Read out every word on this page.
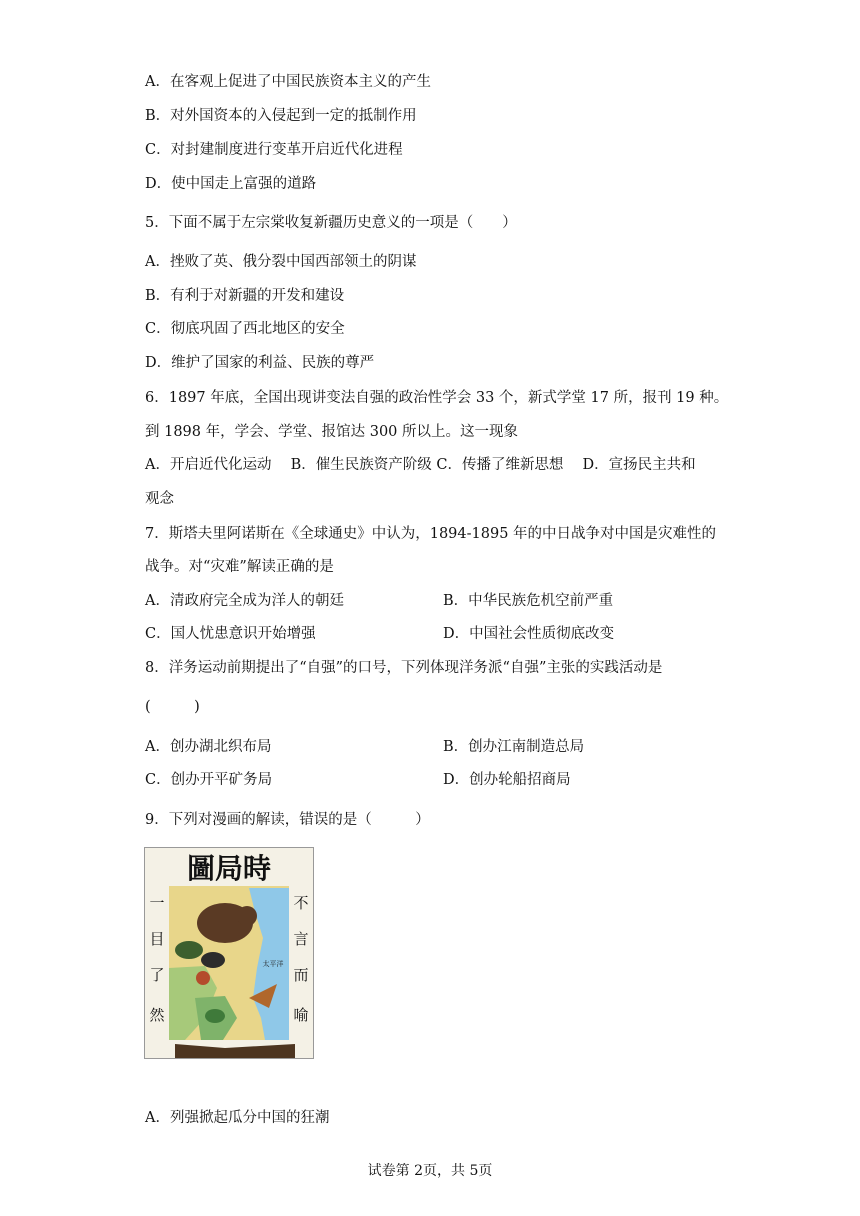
A．在客观上促进了中国民族资本主义的产生
B．对外国资本的入侵起到一定的抵制作用
C．对封建制度进行变革开启近代化进程
D．使中国走上富强的道路
5．下面不属于左宗棠收复新疆历史意义的一项是（　　）
A．挫败了英、俄分裂中国西部领土的阴谋
B．有利于对新疆的开发和建设
C．彻底巩固了西北地区的安全
D．维护了国家的利益、民族的尊严
6．1897 年底，全国出现讲变法自强的政治性学会 33 个，新式学堂 17 所，报刊 19 种。
到 1898 年，学会、学堂、报馆达 300 所以上。这一现象
A．开启近代化运动　 B．催生民族资产阶级 C．传播了维新思想　 D．宣扬民主共和
观念
7．斯塔夫里阿诺斯在《全球通史》中认为，1894-1895 年的中日战争对中国是灾难性的
战争。对“灾难”解读正确的是
A．清政府完全成为洋人的朝廷	B．中华民族危机空前严重
C．国人忧患意识开始增强	D．中国社会性质彻底改变
8．洋务运动前期提出了“自强”的口号，下列体现洋务派“自强”主张的实践活动是
(　　　)
A．创办湖北织布局	B．创办江南制造总局
C．创办开平矿务局	D．创办轮船招商局
9．下列对漫画的解读，错误的是（　　　）
圖局時
一
目
了
然
不
言
而
喻
太平洋
A．列强掀起瓜分中国的狂潮
试卷第 2页，共 5页
